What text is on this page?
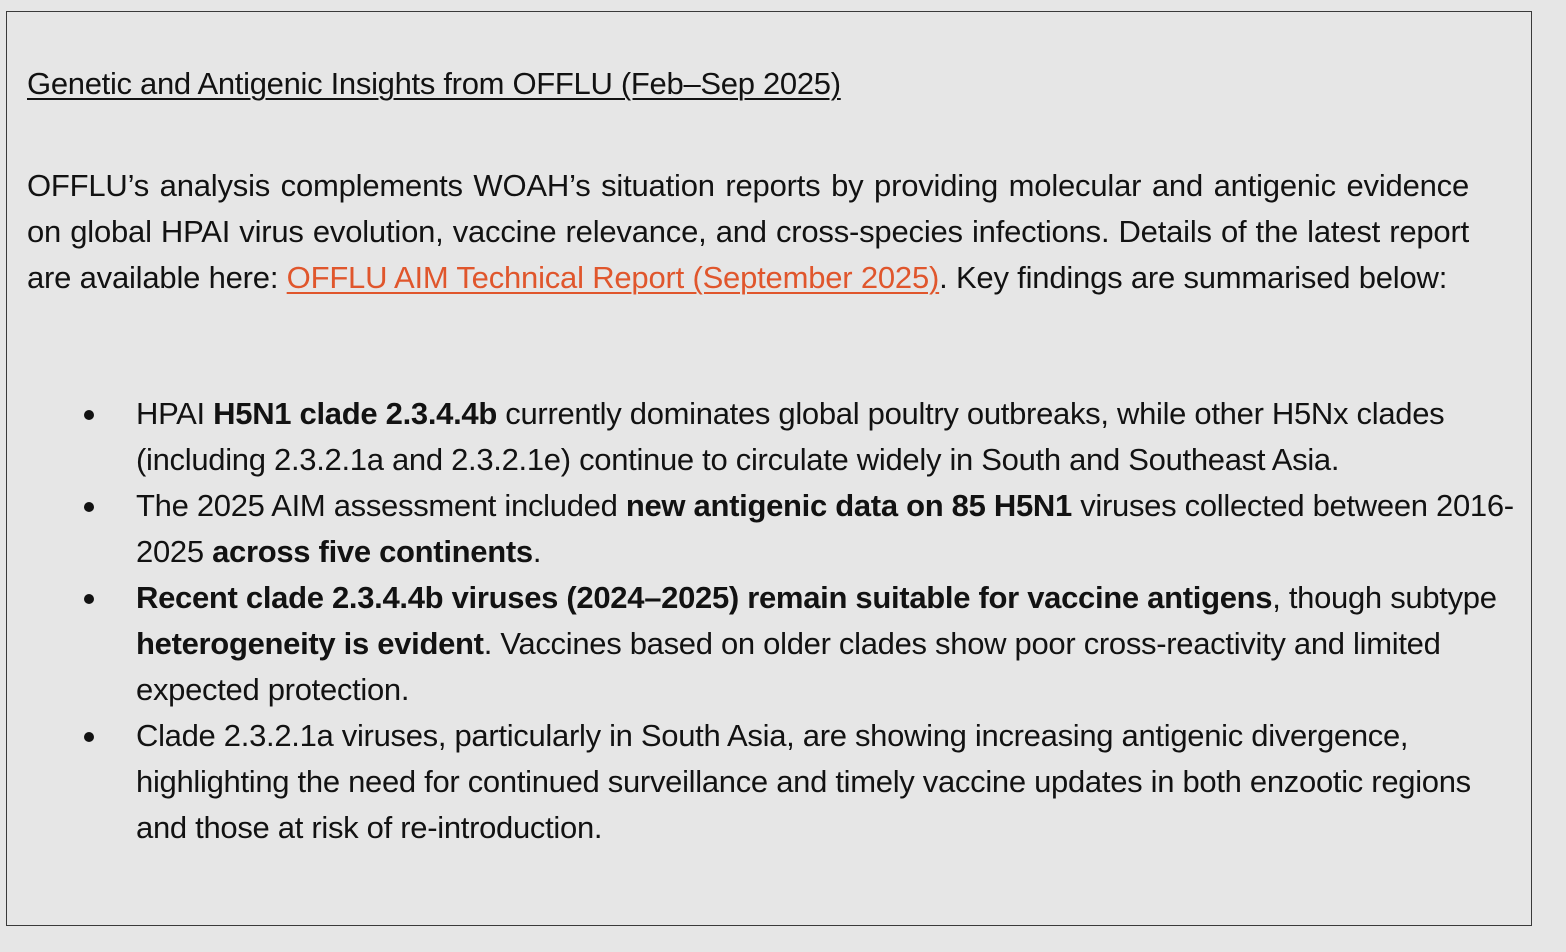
Genetic and Antigenic Insights from OFFLU (Feb–Sep 2025)

OFFLU’s analysis complements WOAH’s situation reports by providing molecular and antigenic evidence on global HPAI virus evolution, vaccine relevance, and cross-species infections. Details of the latest report are available here: OFFLU AIM Technical Report (September 2025). Key findings are summarised below:

HPAI H5N1 clade 2.3.4.4b currently dominates global poultry outbreaks, while other H5Nx clades (including 2.3.2.1a and 2.3.2.1e) continue to circulate widely in South and Southeast Asia.
The 2025 AIM assessment included new antigenic data on 85 H5N1 viruses collected between 2016-2025 across five continents.
Recent clade 2.3.4.4b viruses (2024–2025) remain suitable for vaccine antigens, though subtype heterogeneity is evident. Vaccines based on older clades show poor cross-reactivity and limited expected protection.
Clade 2.3.2.1a viruses, particularly in South Asia, are showing increasing antigenic divergence, highlighting the need for continued surveillance and timely vaccine updates in both enzootic regions and those at risk of re-introduction.
